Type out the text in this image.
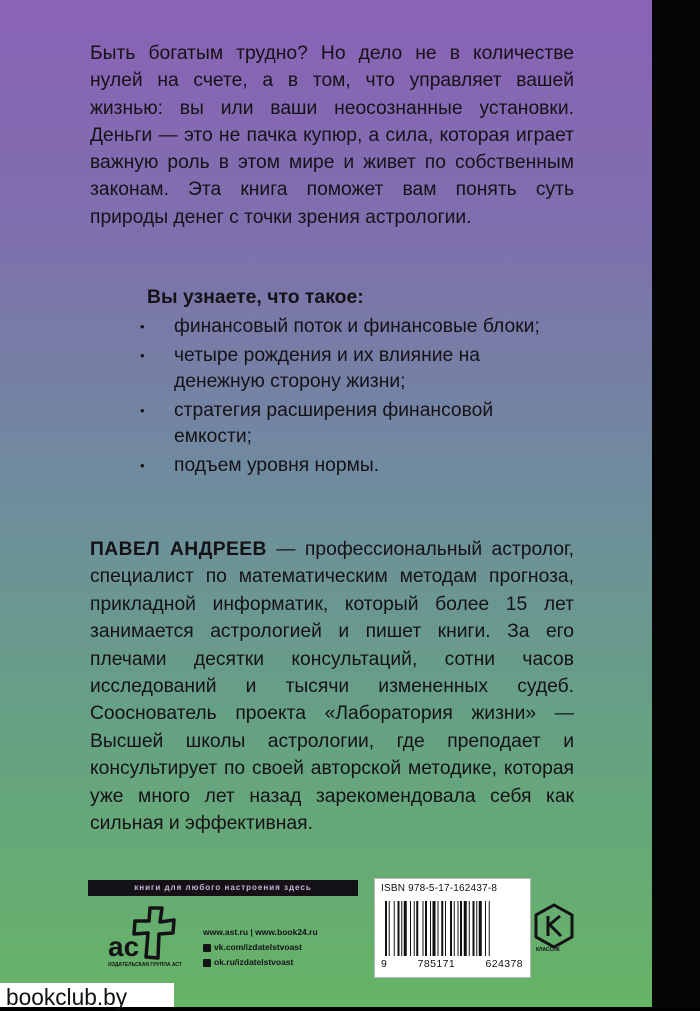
Быть богатым трудно? Но дело не в количестве нулей на счете, а в том, что управляет вашей жизнью: вы или ваши неосознанные установки. Деньги — это не пачка купюр, а сила, которая играет важную роль в этом мире и живет по собственным законам. Эта книга поможет вам понять суть природы денег с точки зрения астрологии.
Вы узнаете, что такое:
• финансовый поток и финансовые блоки;
• четыре рождения и их влияние на денежную сторону жизни;
• стратегия расширения финансовой емкости;
• подъем уровня нормы.
ПАВЕЛ АНДРЕЕВ — профессиональный астролог, специалист по математическим методам прогноза, прикладной информатик, который более 15 лет занимается астрологией и пишет книги. За его плечами десятки консультаций, сотни часов исследований и тысячи измененных судеб. Сооснователь проекта «Лаборатория жизни» — Высшей школы астрологии, где преподает и консультирует по своей авторской методике, которая уже много лет назад зарекомендовала себя как сильная и эффективная.
книги для любого настроения здесь
ас
ИЗДАТЕЛЬСКАЯ ГРУППА АСТ
www.ast.ru | www.book24.ru
vk.com/izdatelstvoast
ok.ru/izdatelstvoast
ISBN 978-5-17-162437-8
9	785171	624378
КЛАССИК
bookclub.by
